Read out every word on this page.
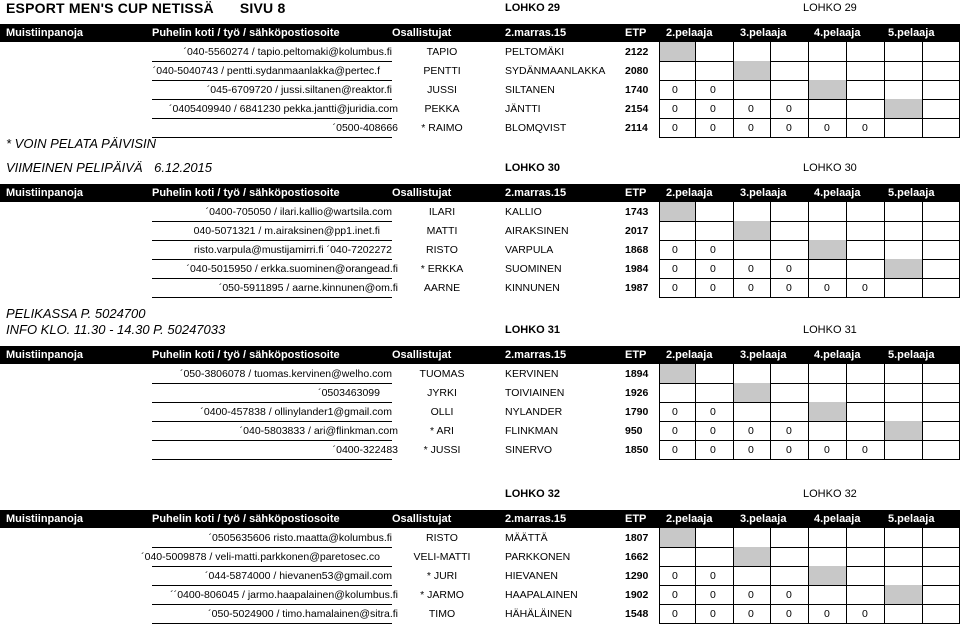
ESPORT MEN'S CUP NETISSÄ SIVU 8
* VOIN PELATA PÄIVISIN
VIIMEINEN PELIPÄIVÄ 6.12.2015
PELIKASSA P. 5024700
INFO KLO. 11.30 - 14.30 P. 50247033
LOHKO 29	LOHKO 29
Muistiinpanoja	Puhelin koti / työ / sähköpostiosoite	Osallistujat	2.marras.15	ETP 2.pelaaja	3.pelaaja	4.pelaaja	5.pelaaja
´040-5560274 / tapio.peltomaki@kolumbus.fi	TAPIO	PELTOMÄKI	2122
´040-5040743 / pentti.sydanmaanlakka@pertec.f	PENTTI	SYDÄNMAANLAKKA 2080
´045-6709720 / jussi.siltanen@reaktor.fi	JUSSI	SILTANEN	1740 0	0
´0405409940 / 6841230 pekka.jantti@juridia.com	PEKKA	JÄNTTI	2154 0	0	0	0
´0500-408666	* RAIMO	BLOMQVIST	2114 0	0	0	0	0	0
LOHKO 30	LOHKO 30
Muistiinpanoja	Puhelin koti / työ / sähköpostiosoite	Osallistujat	2.marras.15	ETP 2.pelaaja	3.pelaaja	4.pelaaja	5.pelaaja
´0400-705050 / ilari.kallio@wartsila.com	ILARI	KALLIO	1743
040-5071321 / m.airaksinen@pp1.inet.fi	MATTI	AIRAKSINEN	2017
risto.varpula@mustijamirri.fi ´040-7202272	RISTO	VARPULA	1868 0	0
´040-5015950 / erkka.suominen@orangead.fi	* ERKKA	SUOMINEN	1984 0	0	0	0
´050-5911895 / aarne.kinnunen@om.fi	AARNE	KINNUNEN	1987 0	0	0	0	0	0
LOHKO 31	LOHKO 31
Muistiinpanoja	Puhelin koti / työ / sähköpostiosoite	Osallistujat	2.marras.15	ETP 2.pelaaja	3.pelaaja	4.pelaaja	5.pelaaja
´050-3806078 / tuomas.kervinen@welho.com	TUOMAS	KERVINEN	1894
´0503463099	JYRKI	TOIVIAINEN	1926
´0400-457838 / ollinylander1@gmail.com	OLLI	NYLANDER	1790 0	0
´040-5803833 / ari@flinkman.com	* ARI	FLINKMAN	950	0	0	0	0
´0400-322483	* JUSSI	SINERVO	1850 0	0	0	0	0	0
LOHKO 32	LOHKO 32
Muistiinpanoja	Puhelin koti / työ / sähköpostiosoite	Osallistujat	2.marras.15	ETP 2.pelaaja	3.pelaaja	4.pelaaja	5.pelaaja
´0505635606 risto.maatta@kolumbus.fi	RISTO	MÄÄTTÄ	1807
´040-5009878 / veli-matti.parkkonen@paretosec.co	VELI-MATTI	PARKKONEN	1662
´044-5874000 / hievanen53@gmail.com	* JURI	HIEVANEN	1290 0	0
´´0400-806045 / jarmo.haapalainen@kolumbus.fi	* JARMO	HAAPALAINEN	1902 0	0	0	0
´050-5024900 / timo.hamalainen@sitra.fi	TIMO	HÄHÄLÄINEN	1548 0	0	0	0	0	0
